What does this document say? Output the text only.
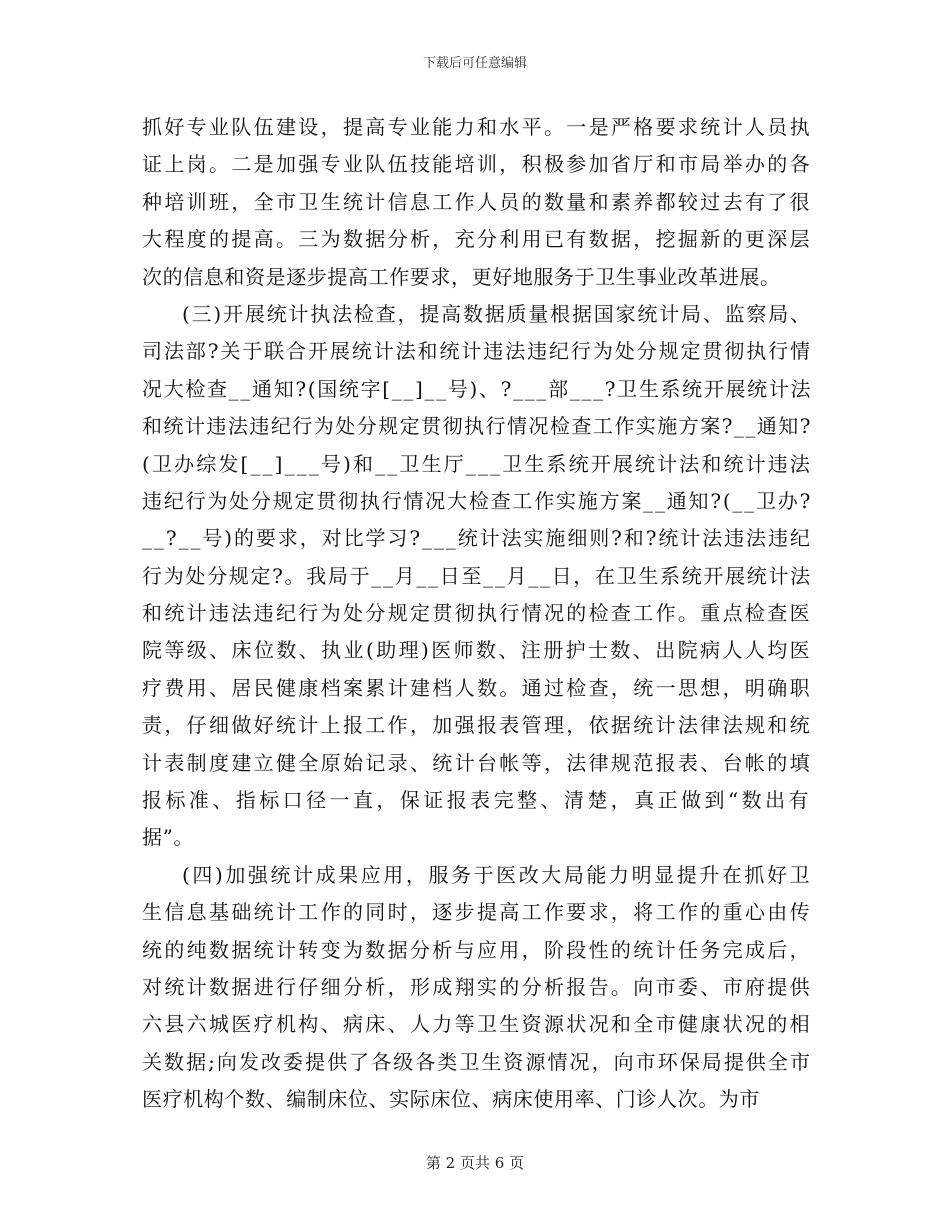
下载后可任意编辑
抓好专业队伍建设，提高专业能力和水平。一是严格要求统计人员执
证上岗。二是加强专业队伍技能培训，积极参加省厅和市局举办的各
种培训班，全市卫生统计信息工作人员的数量和素养都较过去有了很
大程度的提高。三为数据分析，充分利用已有数据，挖掘新的更深层
次的信息和资是逐步提高工作要求，更好地服务于卫生事业改革进展。
(三)开展统计执法检查，提高数据质量根据国家统计局、监察局、
司法部?关于联合开展统计法和统计违法违纪行为处分规定贯彻执行情
况大检查__通知?(国统字[__]__号)、?___部___?卫生系统开展统计法
和统计违法违纪行为处分规定贯彻执行情况检查工作实施方案?__通知?
(卫办综发[__]___号)和__卫生厅___卫生系统开展统计法和统计违法
违纪行为处分规定贯彻执行情况大检查工作实施方案__通知?(__卫办?
__?__号)的要求，对比学习?___统计法实施细则?和?统计法违法违纪
行为处分规定?。我局于__月__日至__月__日，在卫生系统开展统计法
和统计违法违纪行为处分规定贯彻执行情况的检查工作。重点检查医
院等级、床位数、执业(助理)医师数、注册护士数、出院病人人均医
疗费用、居民健康档案累计建档人数。通过检查，统一思想，明确职
责，仔细做好统计上报工作，加强报表管理，依据统计法律法规和统
计表制度建立健全原始记录、统计台帐等，法律规范报表、台帐的填
报标准、指标口径一直，保证报表完整、清楚，真正做到“数出有
据”。
(四)加强统计成果应用，服务于医改大局能力明显提升在抓好卫
生信息基础统计工作的同时，逐步提高工作要求，将工作的重心由传
统的纯数据统计转变为数据分析与应用，阶段性的统计任务完成后，
对统计数据进行仔细分析，形成翔实的分析报告。向市委、市府提供
六县六城医疗机构、病床、人力等卫生资源状况和全市健康状况的相
关数据;向发改委提供了各级各类卫生资源情况，向市环保局提供全市
医疗机构个数、编制床位、实际床位、病床使用率、门诊人次。为市
第 2 页共 6 页
